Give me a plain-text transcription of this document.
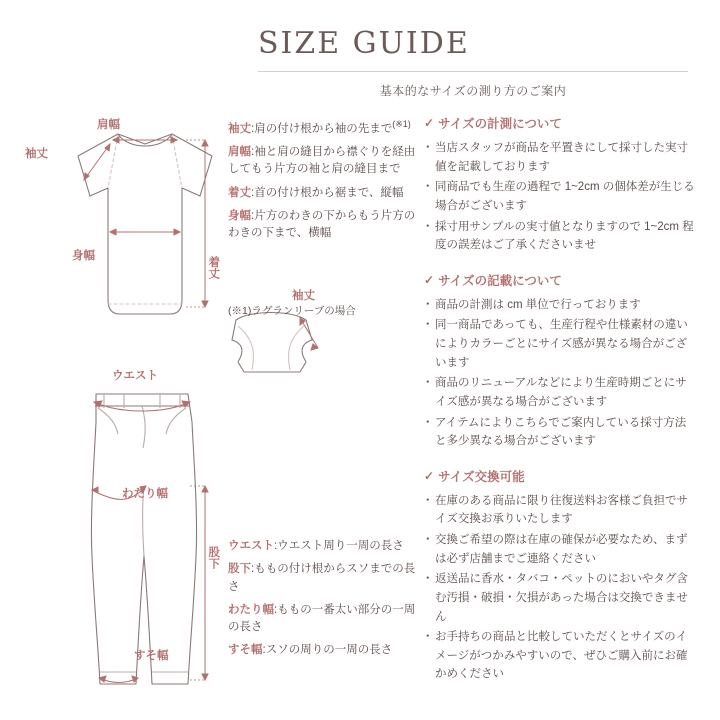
SIZE GUIDE
基本的なサイズの測り方のご案内
肩幅
袖丈
身幅	着丈
袖丈
ウエスト
わたり幅
股下
すそ幅
袖丈:肩の付け根から袖の先まで$^{(※1)}$
肩幅:袖と肩の縫目から襟ぐりを経由してもう片方の袖と肩の縫目まで
着丈:首の付け根から裾まで、縦幅
身幅:片方のわきの下からもう片方のわきの下まで、横幅
(※1)ラグランリーブの場合
ウエスト:ウエスト周り一周の長さ
股下:ももの付け根からスソまでの長さ
わたり幅:ももの一番太い部分の一周の長さ
すそ幅:スソの周りの一周の長さ
✓ サイズの計測について
・ 当店スタッフが商品を平置きにして採寸した実寸値を記載しております
・ 同商品でも生産の過程で 1~2cm の個体差が生じる場合がございます
・ 採寸用サンプルの実寸値となりますので 1~2cm 程度の誤差はご了承くださいませ
✓ サイズの記載について
・ 商品の計測は cm 単位で行っております
・ 同一商品であっても、生産行程や仕様素材の違いによりカラーごとにサイズ感が異なる場合がございます
・ 商品のリニューアルなどにより生産時期ごとにサイズ感が異なる場合がございます
・ アイテムによりこちらでご案内している採寸方法と多少異なる場合がございます
✓ サイズ交換可能
・ 在庫のある商品に限り往復送料お客様ご負担でサイズ交換お承りいたします
・ 交換ご希望の際は在庫の確保が必要なため、まずは必ず店舗までご連絡ください
・ 返送品に香水・タバコ・ペットのにおいやタグ含む汚損・破損・欠損があった場合は交換できません
・ お手持ちの商品と比較していただくとサイズのイメージがつかみやすいので、ぜひご購入前にお確かめください
